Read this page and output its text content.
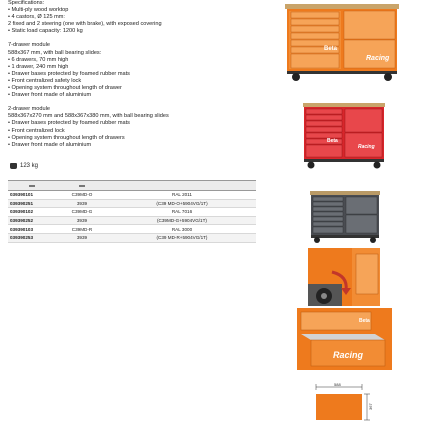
Specifications:

• Multi-ply wood worktop

• 4 castors, Ø 125 mm:

2 fixed and 2 steering (one with brake), with exposed covering

• Static load capacity: 1200 kg

7-drawer module

588x367 mm, with ball bearing slides:

• 6 drawers, 70 mm high

• 1 drawer, 240 mm high

• Drawer bases protected by foamed rubber mats

• Front centralized safety lock

• Opening system throughout length of drawer

• Drawer front made of aluminium

2-drawer module

588x367x270 mm and 588x367x380 mm, with ball bearing slides

• Drawer bases protected by foamed rubber mats

• Front centralized lock

• Opening system throughout length of drawers

• Drawer front made of aluminium

123 kg

039390101	C39MD-O	RAL 2011
039390251	3939	(C39 MD-O+5904VG/1T)
039390102	C39MD-G	RAL 7016
039390252	3939	(C39MD-G+5904VG/1T)
039390103	C39MD-R	RAL 3000
039390253	3939	(C39 MD-R+5904VG/1T)
Beta
Racing
Beta
Racing
Beta
Racing
588
367
